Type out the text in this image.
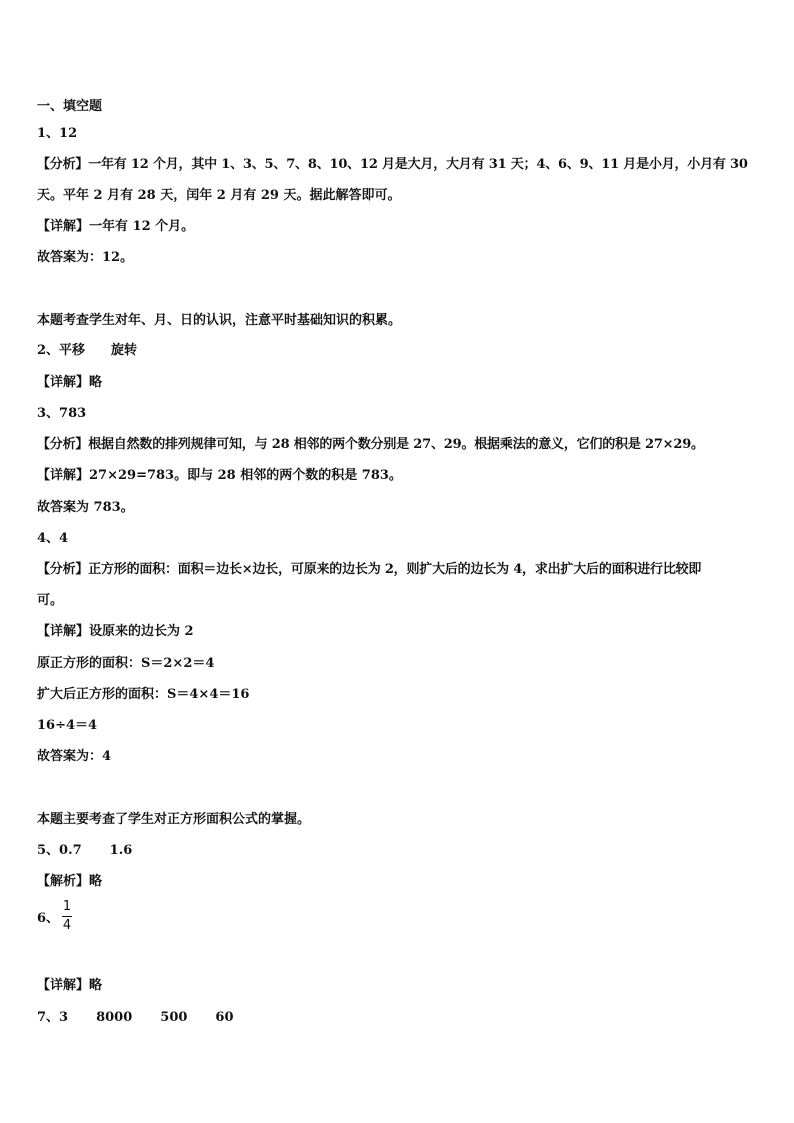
一、填空题
1、12
【分析】一年有 12 个月，其中 1、3、5、7、8、10、12 月是大月，大月有 31 天；4、6、9、11 月是小月，小月有 30
天。平年 2 月有 28 天，闰年 2 月有 29 天。据此解答即可。
【详解】一年有 12 个月。
故答案为：12。
本题考查学生对年、月、日的认识，注意平时基础知识的积累。
2、平移 旋转
【详解】略
3、783
【分析】根据自然数的排列规律可知，与 28 相邻的两个数分别是 27、29。根据乘法的意义，它们的积是 27×29。
【详解】27×29=783。即与 28 相邻的两个数的积是 783。
故答案为 783。
4、4
【分析】正方形的面积：面积＝边长×边长，可原来的边长为 2，则扩大后的边长为 4，求出扩大后的面积进行比较即
可。
【详解】设原来的边长为 2
原正方形的面积：S＝2×2＝4
扩大后正方形的面积：S＝4×4＝16
16÷4＝4
故答案为：4
本题主要考查了学生对正方形面积公式的掌握。
5、0.7 1.6
【解析】略
6、
1
4
【详解】略
7、3 8000 500 60
